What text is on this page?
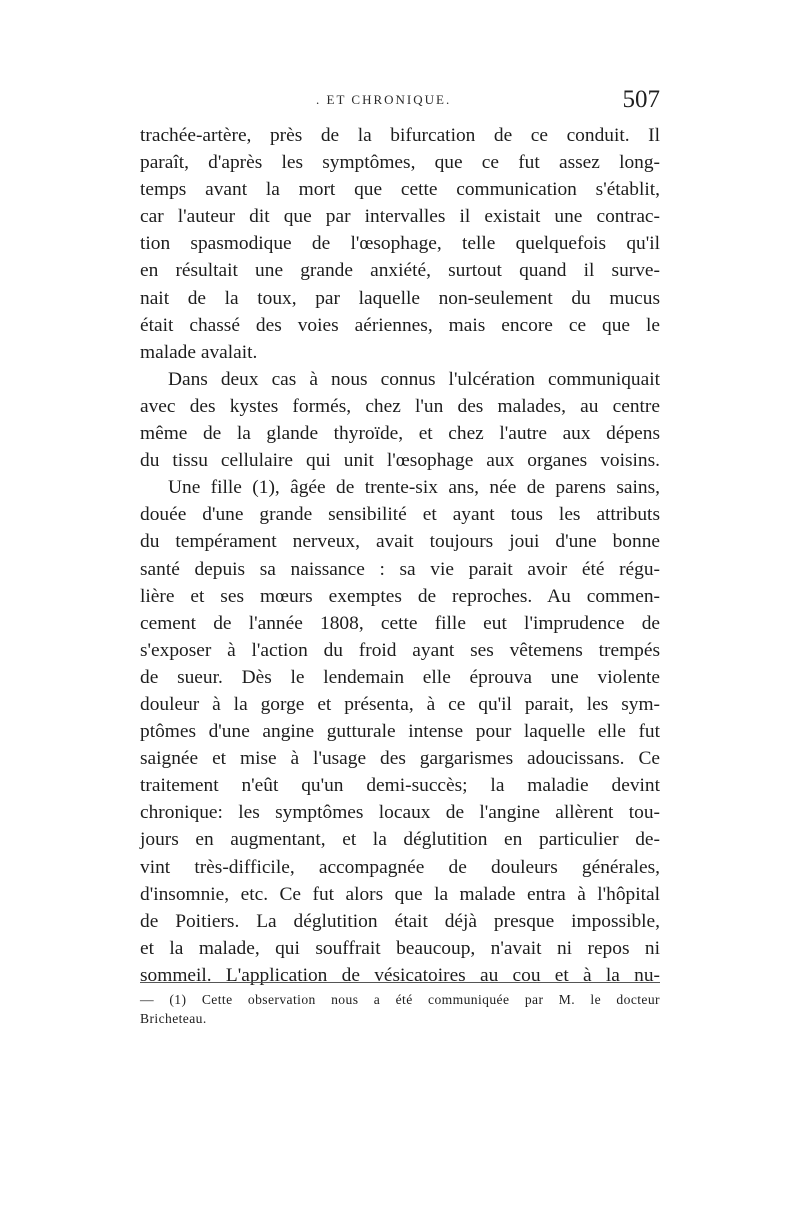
. ET CHRONIQUE.	507
trachée-artère, près de la bifurcation de ce conduit. Il
paraît, d'après les symptômes, que ce fut assez long-
temps avant la mort que cette communication s'établit,
car l'auteur dit que par intervalles il existait une contrac-
tion spasmodique de l'œsophage, telle quelquefois qu'il
en résultait une grande anxiété, surtout quand il surve-
nait de la toux, par laquelle non-seulement du mucus
était chassé des voies aériennes, mais encore ce que le
malade avalait.
Dans deux cas à nous connus l'ulcération communiquait
avec des kystes formés, chez l'un des malades, au centre
même de la glande thyroïde, et chez l'autre aux dépens
du tissu cellulaire qui unit l'œsophage aux organes voisins.
Une fille (1), âgée de trente-six ans, née de parens sains,
douée d'une grande sensibilité et ayant tous les attributs
du tempérament nerveux, avait toujours joui d'une bonne
santé depuis sa naissance : sa vie parait avoir été régu-
lière et ses mœurs exemptes de reproches. Au commen-
cement de l'année 1808, cette fille eut l'imprudence de
s'exposer à l'action du froid ayant ses vêtemens trempés
de sueur. Dès le lendemain elle éprouva une violente
douleur à la gorge et présenta, à ce qu'il parait, les sym-
ptômes d'une angine gutturale intense pour laquelle elle fut
saignée et mise à l'usage des gargarismes adoucissans. Ce
traitement n'eût qu'un demi-succès; la maladie devint
chronique: les symptômes locaux de l'angine allèrent tou-
jours en augmentant, et la déglutition en particulier de-
vint très-difficile, accompagnée de douleurs générales,
d'insomnie, etc. Ce fut alors que la malade entra à l'hôpital
de Poitiers. La déglutition était déjà presque impossible,
et la malade, qui souffrait beaucoup, n'avait ni repos ni
sommeil. L'application de vésicatoires au cou et à la nu-
— (1) Cette observation nous a été communiquée par M. le docteur
Bricheteau.
